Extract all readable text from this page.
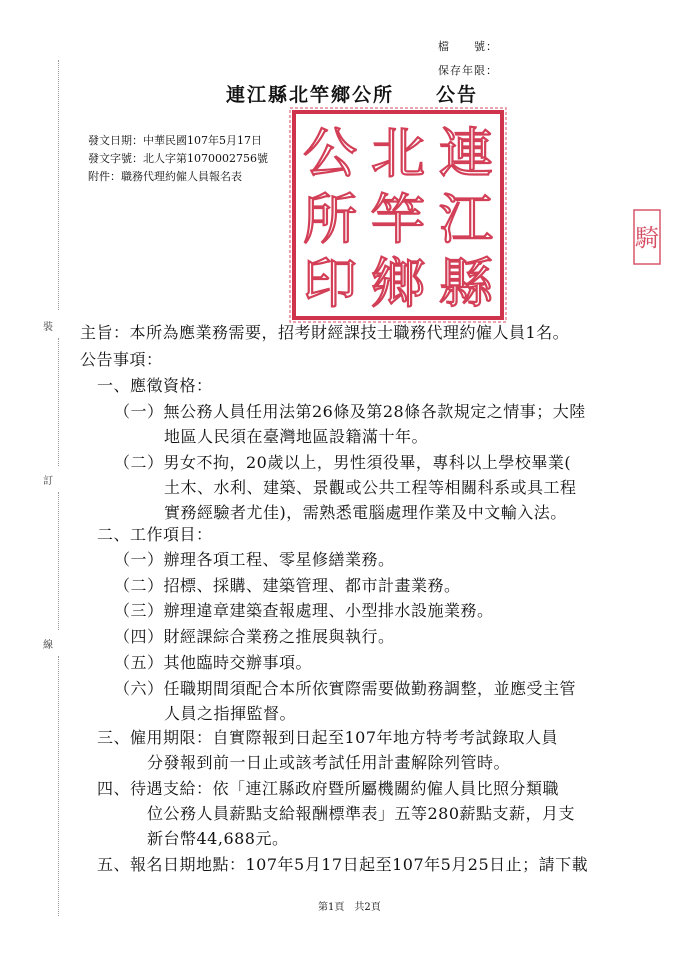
檔　　號：
保存年限：
連江縣北竿鄉公所　　公告
發文日期：中華民國107年5月17日
發文字號：北人字第1070002756號
附件：職務代理約僱人員報名表	連
江
縣
北
竿
鄉
公
所
印
騎
裝
訂
線
主旨：本所為應業務需要，招考財經課技士職務代理約僱人員1名。
公告事項：
一、應徵資格：
（一）無公務人員任用法第26條及第28條各款規定之情事；大陸
地區人民須在臺灣地區設籍滿十年。
（二）男女不拘，20歲以上，男性須役畢，專科以上學校畢業(
土木、水利、建築、景觀或公共工程等相關科系或具工程
實務經驗者尤佳)，需熟悉電腦處理作業及中文輸入法。
二、工作項目：
（一）辦理各項工程、零星修繕業務。
（二）招標、採購、建築管理、都市計畫業務。
（三）辦理違章建築查報處理、小型排水設施業務。
（四）財經課綜合業務之推展與執行。
（五）其他臨時交辦事項。
（六）任職期間須配合本所依實際需要做勤務調整，並應受主管
人員之指揮監督。
三、僱用期限：自實際報到日起至107年地方特考考試錄取人員
分發報到前一日止或該考試任用計畫解除列管時。
四、待遇支給：依「連江縣政府暨所屬機關約僱人員比照分類職
位公務人員薪點支給報酬標準表」五等280薪點支薪，月支
新台幣44,688元。
五、報名日期地點：107年5月17日起至107年5月25日止；請下載
第1頁　共2頁
